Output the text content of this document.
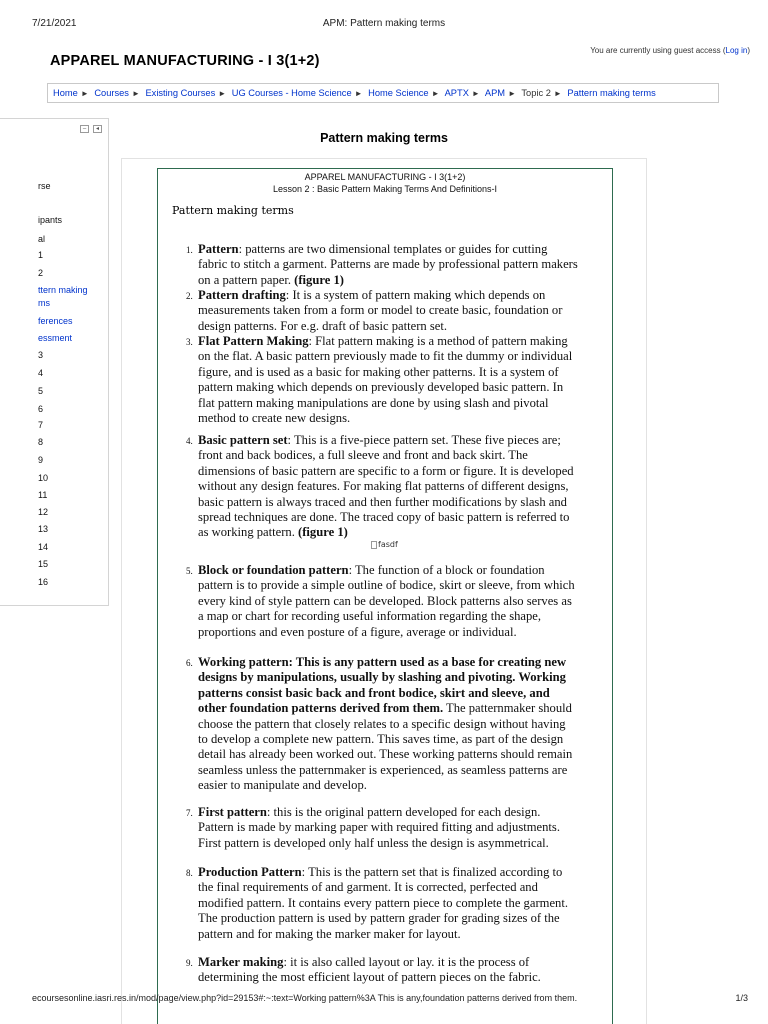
7/21/2021	APM: Pattern making terms
APPAREL MANUFACTURING - I 3(1+2)
You are currently using guest access (Log in)
Home ► Courses ► Existing Courses ► UG Courses - Home Science ► Home Science ► APTX ► APM ► Topic 2 ► Pattern making terms
–	◂
rse
ipants
al
1
2
ttern making
ms
ferences
essment
3
4
5
6
7
8
9
10
11
12
13
14
15
16
Pattern making terms
APPAREL MANUFACTURING - I 3(1+2)
Lesson 2 : Basic Pattern Making Terms And Definitions-I
Pattern making terms

1. Pattern: patterns are two dimensional templates or guides for cutting fabric to stitch a garment. Patterns are made by professional pattern makers on a pattern paper. (figure 1)

2. Pattern drafting: It is a system of pattern making which depends on measurements taken from a form or model to create basic, foundation or design patterns. For e.g. draft of basic pattern set.

3. Flat Pattern Making: Flat pattern making is a method of pattern making on the flat. A basic pattern previously made to fit the dummy or individual figure, and is used as a basic for making other patterns. It is a system of pattern making which depends on previously developed basic pattern. In flat pattern making manipulations are done by using slash and pivotal method to create new designs.

4. Basic pattern set: This is a five-piece pattern set. These five pieces are; front and back bodices, a full sleeve and front and back skirt. The dimensions of basic pattern are specific to a form or figure. It is developed without any design features. For making flat patterns of different designs, basic pattern is always traced and then further modifications by slash and spread techniques are done. The traced copy of basic pattern is referred to as working pattern. (figure 1)

fasdf

5. Block or foundation pattern: The function of a block or foundation pattern is to provide a simple outline of bodice, skirt or sleeve, from which every kind of style pattern can be developed. Block patterns also serves as a map or chart for recording useful information regarding the shape, proportions and even posture of a figure, average or individual.

6. Working pattern: This is any pattern used as a base for creating new designs by manipulations, usually by slashing and pivoting. Working patterns consist basic back and front bodice, skirt and sleeve, and other foundation patterns derived from them. The patternmaker should choose the pattern that closely relates to a specific design without having to develop a complete new pattern. This saves time, as part of the design detail has already been worked out. These working patterns should remain seamless unless the patternmaker is experienced, as seamless patterns are easier to manipulate and develop.

7. First pattern: this is the original pattern developed for each design. Pattern is made by marking paper with required fitting and adjustments. First pattern is developed only half unless the design is asymmetrical.

8. Production Pattern: This is the pattern set that is finalized according to the final requirements of and garment. It is corrected, perfected and modified pattern. It contains every pattern piece to complete the garment. The production pattern is used by pattern grader for grading sizes of the pattern and for making the marker maker for layout.

9. Marker making: it is also called layout or lay. it is the process of determining the most efficient layout of pattern pieces on the fabric.

ecoursesonline.iasri.res.in/mod/page/view.php?id=29153#:~:text=Working pattern%3A This is any,foundation patterns derived from them.	1/3
